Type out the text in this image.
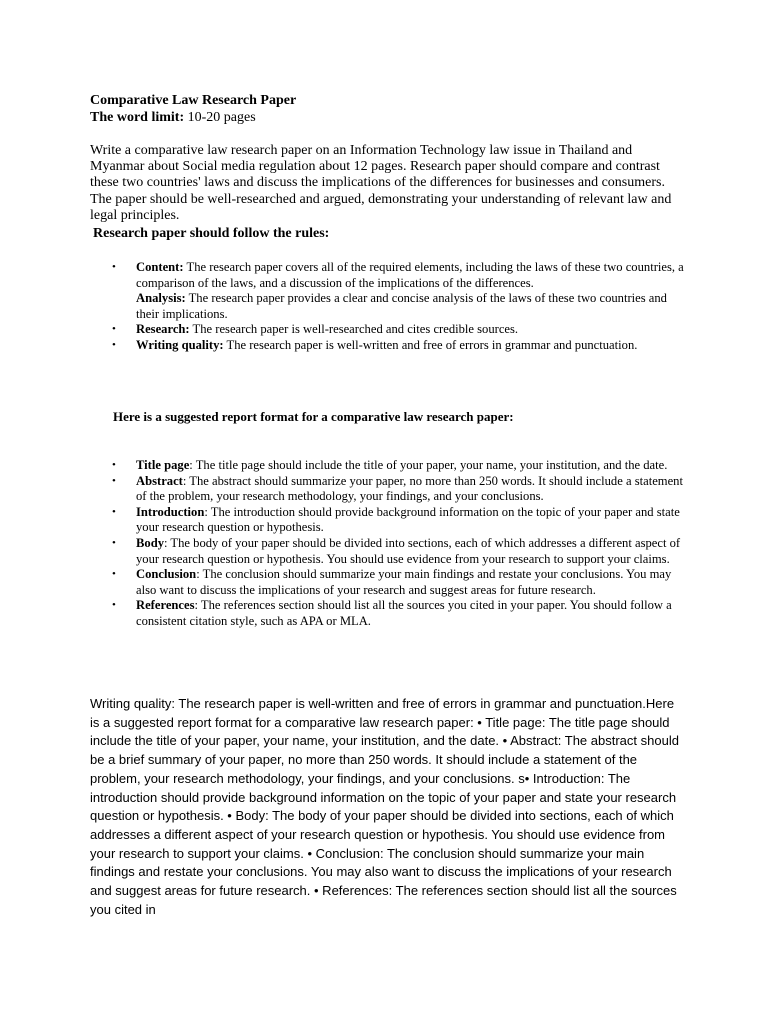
Comparative Law Research Paper
The word limit: 10-20 pages

Write a comparative law research paper on an Information Technology law issue in Thailand and Myanmar about Social media regulation about 12 pages. Research paper should compare and contrast these two countries' laws and discuss the implications of the differences for businesses and consumers. The paper should be well-researched and argued, demonstrating your understanding of relevant law and legal principles.

Research paper should follow the rules:
• Content: The research paper covers all of the required elements, including the laws of these two countries, a comparison of the laws, and a discussion of the implications of the differences.
Analysis: The research paper provides a clear and concise analysis of the laws of these two countries and their implications.
• Research: The research paper is well-researched and cites credible sources.
• Writing quality: The research paper is well-written and free of errors in grammar and punctuation.
Here is a suggested report format for a comparative law research paper:
• Title page: The title page should include the title of your paper, your name, your institution, and the date.
• Abstract: The abstract should summarize your paper, no more than 250 words. It should include a statement of the problem, your research methodology, your findings, and your conclusions.
• Introduction: The introduction should provide background information on the topic of your paper and state your research question or hypothesis.
• Body: The body of your paper should be divided into sections, each of which addresses a different aspect of your research question or hypothesis. You should use evidence from your research to support your claims.
• Conclusion: The conclusion should summarize your main findings and restate your conclusions. You may also want to discuss the implications of your research and suggest areas for future research.
• References: The references section should list all the sources you cited in your paper. You should follow a consistent citation style, such as APA or MLA.

Writing quality: The research paper is well-written and free of errors in grammar and punctuation.Here is a suggested report format for a comparative law research paper: • Title page: The title page should include the title of your paper, your name, your institution, and the date. • Abstract: The abstract should be a brief summary of your paper, no more than 250 words. It should include a statement of the problem, your research methodology, your findings, and your conclusions. s• Introduction: The introduction should provide background information on the topic of your paper and state your research question or hypothesis. • Body: The body of your paper should be divided into sections, each of which addresses a different aspect of your research question or hypothesis. You should use evidence from your research to support your claims. • Conclusion: The conclusion should summarize your main findings and restate your conclusions. You may also want to discuss the implications of your research and suggest areas for future research. • References: The references section should list all the sources you cited in
